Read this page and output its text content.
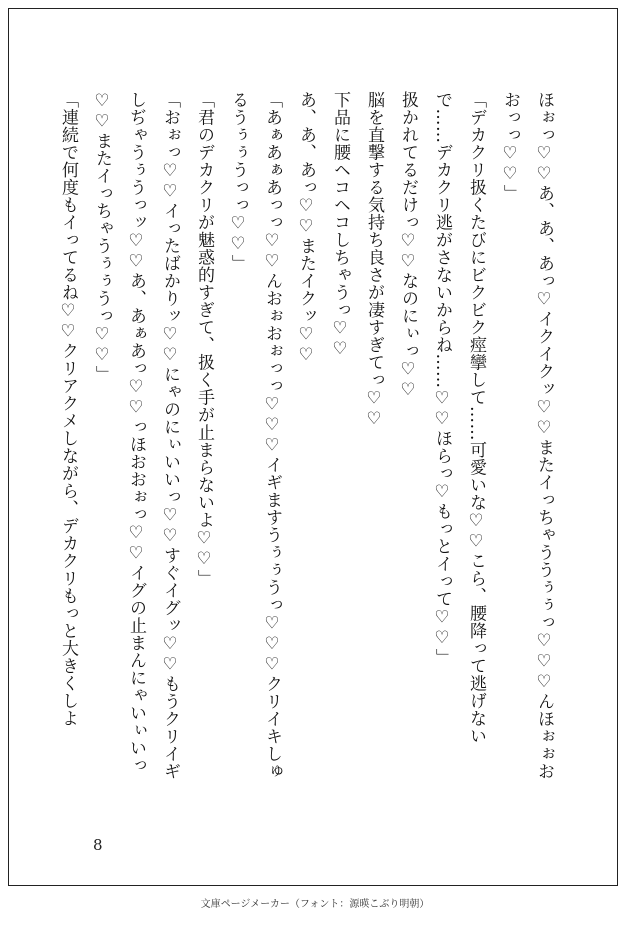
ほぉっ♡♡あ、あ、あっ♡イクイクッ♡♡またイっちゃううぅぅっ♡♡♡んほぉぉおおっっ♡♡」

「デカクリ扱くたびにビクビク痙攣して……可愛いな♡♡こら、腰降って逃げないで……デカクリ逃がさないからね……♡♡ほらっ♡もっとイって♡♡」

扱かれてるだけっ♡♡なのにぃっ♡♡

脳を直撃する気持ち良さが凄すぎてっ♡♡

下品に腰ヘコヘコしちゃうっ♡♡

あ、あ、あっ♡♡またイクッ♡♡

「あぁあぁあっっ♡♡んおぉおぉっっ♡♡♡イギますうぅぅうっ♡♡♡クリイキしゅるうぅぅうっっ♡♡」

「君のデカクリが魅惑的すぎて、扱く手が止まらないよ♡♡」

「おぉっ♡♡イったばかりッ♡♡にゃのにぃいいっ♡♡すぐイグッ♡♡もうクリイギしぢゃうぅうっッ♡♡あ、あぁあっ♡♡っほおおぉっ♡♡イグの止まんにゃいぃいっ♡♡またイっちゃうぅぅうっ♡♡」

「連続で何度もイってるね♡♡クリアクメしながら、デカクリもっと大きくしよ

8
文庫ページメーカー（フォント：源暎こぶり明朝）
